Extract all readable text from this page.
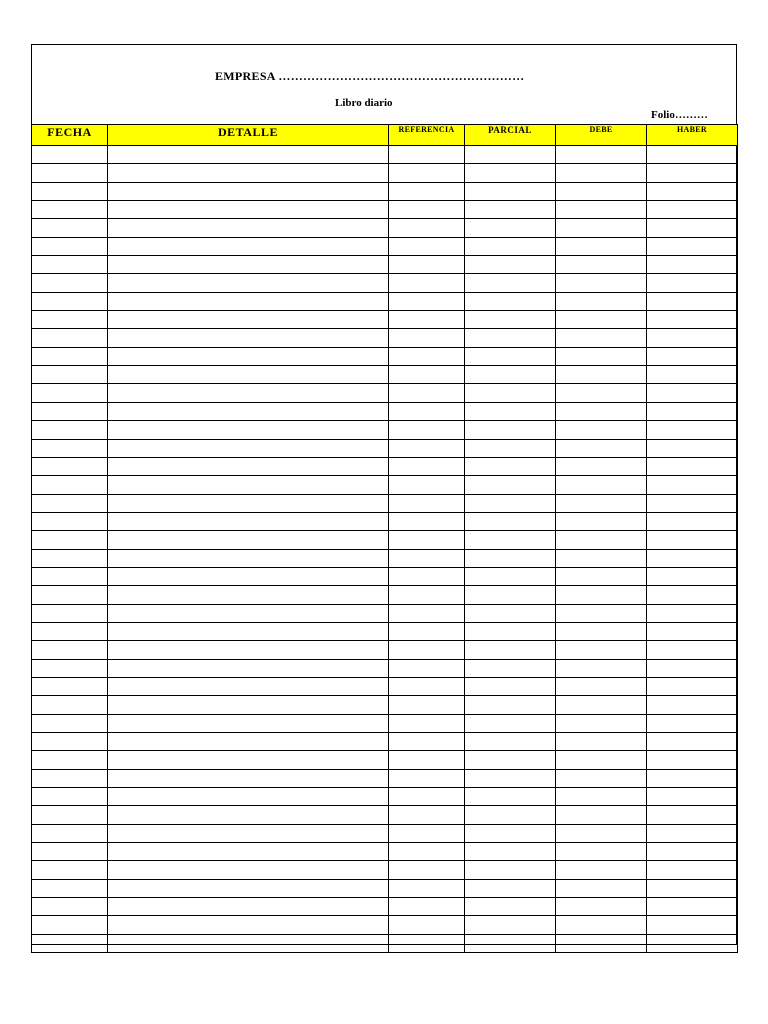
EMPRESA ……………………………………………………
Libro diario
Folio………
FECHA	DETALLE	REFERENCIA	PARCIAL	DEBE	HABER
